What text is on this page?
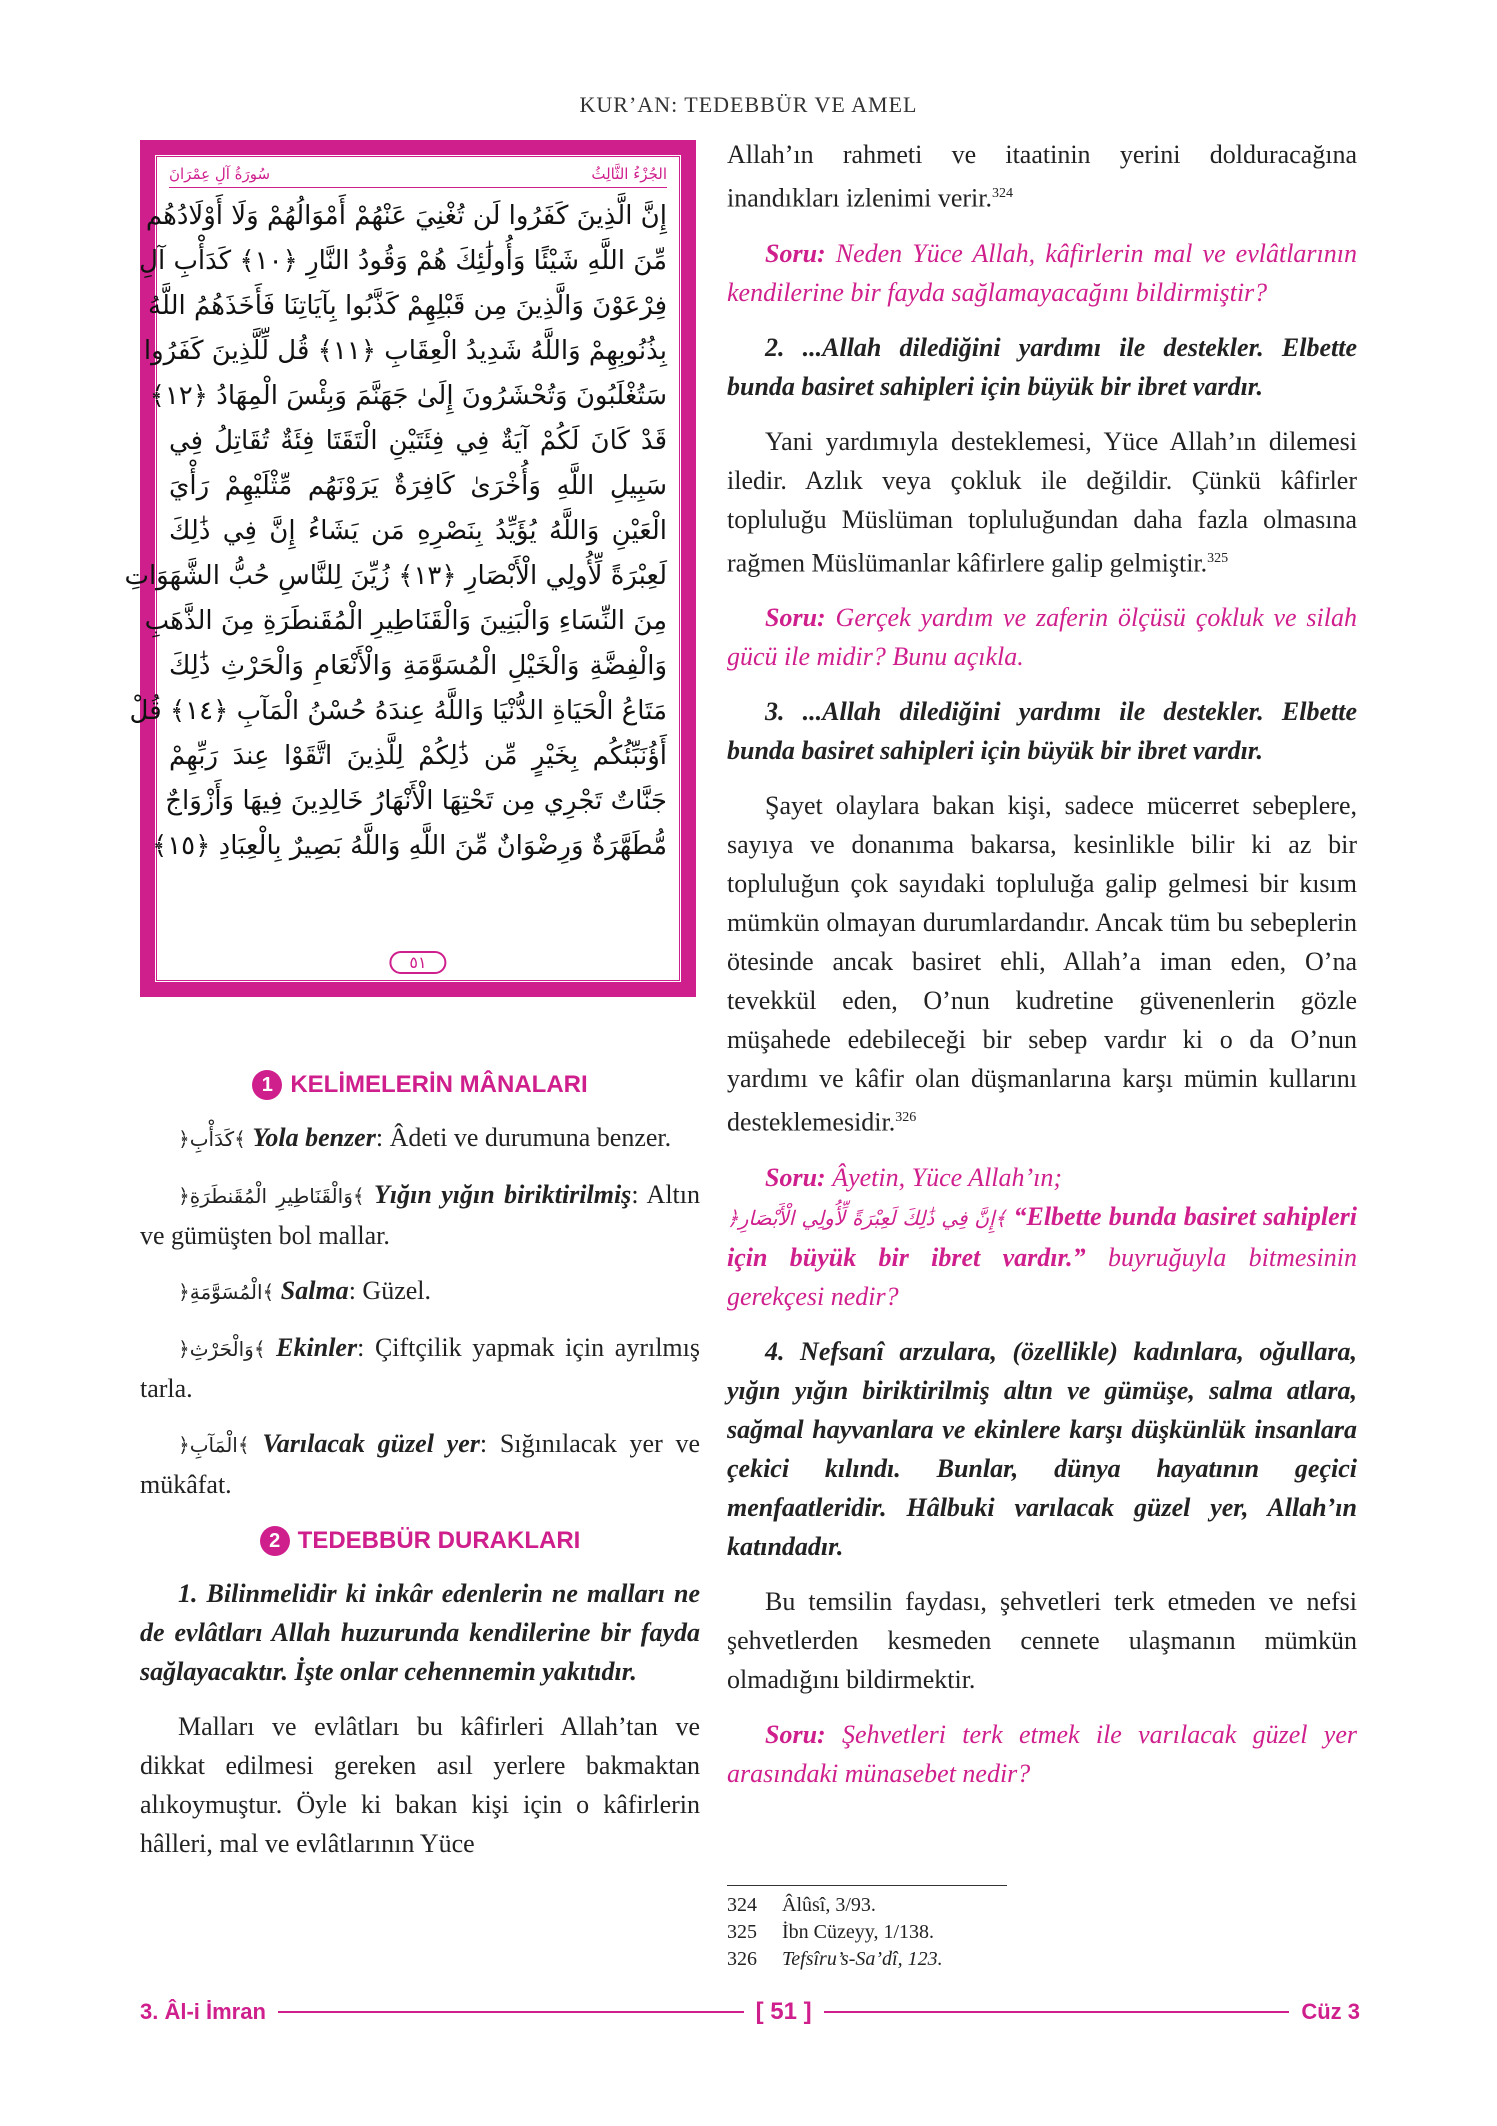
KUR’AN: TEDEBBÜR VE AMEL
الجُزْءُ الثَّالِثُ
سُورَةُ آلِ عِمْرَانَ
إِنَّ الَّذِينَ كَفَرُوا لَن تُغْنِيَ عَنْهُمْ أَمْوَالُهُمْ وَلَا أَوْلَادُهُم
مِّنَ اللَّهِ شَيْئًا وَأُولَٰئِكَ هُمْ وَقُودُ النَّارِ ﴿١٠﴾ كَدَأْبِ آلِ
فِرْعَوْنَ وَالَّذِينَ مِن قَبْلِهِمْ كَذَّبُوا بِآيَاتِنَا فَأَخَذَهُمُ اللَّهُ
بِذُنُوبِهِمْ وَاللَّهُ شَدِيدُ الْعِقَابِ ﴿١١﴾ قُل لِّلَّذِينَ كَفَرُوا
سَتُغْلَبُونَ وَتُحْشَرُونَ إِلَىٰ جَهَنَّمَ وَبِئْسَ الْمِهَادُ ﴿١٢﴾
قَدْ كَانَ لَكُمْ آيَةٌ فِي فِئَتَيْنِ الْتَقَتَا فِئَةٌ تُقَاتِلُ فِي
سَبِيلِ اللَّهِ وَأُخْرَىٰ كَافِرَةٌ يَرَوْنَهُم مِّثْلَيْهِمْ رَأْيَ
الْعَيْنِ وَاللَّهُ يُؤَيِّدُ بِنَصْرِهِ مَن يَشَاءُ إِنَّ فِي ذَٰلِكَ
لَعِبْرَةً لِّأُولِي الْأَبْصَارِ ﴿١٣﴾ زُيِّنَ لِلنَّاسِ حُبُّ الشَّهَوَاتِ
مِنَ النِّسَاءِ وَالْبَنِينَ وَالْقَنَاطِيرِ الْمُقَنطَرَةِ مِنَ الذَّهَبِ
وَالْفِضَّةِ وَالْخَيْلِ الْمُسَوَّمَةِ وَالْأَنْعَامِ وَالْحَرْثِ ذَٰلِكَ
مَتَاعُ الْحَيَاةِ الدُّنْيَا وَاللَّهُ عِندَهُ حُسْنُ الْمَآبِ ﴿١٤﴾ قُلْ
أَؤُنَبِّئُكُم بِخَيْرٍ مِّن ذَٰلِكُمْ لِلَّذِينَ اتَّقَوْا عِندَ رَبِّهِمْ
جَنَّاتٌ تَجْرِي مِن تَحْتِهَا الْأَنْهَارُ خَالِدِينَ فِيهَا وَأَزْوَاجٌ
مُّطَهَّرَةٌ وَرِضْوَانٌ مِّنَ اللَّهِ وَاللَّهُ بَصِيرٌ بِالْعِبَادِ ﴿١٥﴾
٥١
1 KELİMELERİN MÂNALARI

﴿كَدَأْبِ﴾ Yola benzer: Âdeti ve durumuna benzer.

﴿وَالْقَنَاطِيرِ الْمُقَنطَرَةِ﴾ Yığın yığın biriktirilmiş: Altın ve gümüşten bol mallar.

﴿الْمُسَوَّمَةِ﴾ Salma: Güzel.

﴿وَالْحَرْثِ﴾ Ekinler: Çiftçilik yapmak için ayrılmış tarla.

﴿الْمَآبِ﴾ Varılacak güzel yer: Sığınılacak yer ve mükâfat.

2 TEDEBBÜR DURAKLARI

1. Bilinmelidir ki inkâr edenlerin ne malları ne de evlâtları Allah huzurunda kendilerine bir fayda sağlayacaktır. İşte onlar cehennemin yakıtıdır.

Malları ve evlâtları bu kâfirleri Allah’tan ve dikkat edilmesi gereken asıl yerlere bakmaktan alıkoymuştur. Öyle ki bakan kişi için o kâfirlerin hâlleri, mal ve evlâtlarının Yüce

Allah’ın rahmeti ve itaatinin yerini dolduracağına inandıkları izlenimi verir.$^{324}$

Soru: Neden Yüce Allah, kâfirlerin mal ve evlâtlarının kendilerine bir fayda sağlamayacağını bildirmiştir?

2. ...Allah dilediğini yardımı ile destekler. Elbette bunda basiret sahipleri için büyük bir ibret vardır.

Yani yardımıyla desteklemesi, Yüce Allah’ın dilemesi iledir. Azlık veya çokluk ile değildir. Çünkü kâfirler topluluğu Müslüman topluluğundan daha fazla olmasına rağmen Müslümanlar kâfirlere galip gelmiştir.$^{325}$

Soru: Gerçek yardım ve zaferin ölçüsü çokluk ve silah gücü ile midir? Bunu açıkla.

3. ...Allah dilediğini yardımı ile destekler. Elbette bunda basiret sahipleri için büyük bir ibret vardır.

Şayet olaylara bakan kişi, sadece mücerret sebeplere, sayıya ve donanıma bakarsa, kesinlikle bilir ki az bir topluluğun çok sayıdaki topluluğa galip gelmesi bir kısım mümkün olmayan durumlardandır. Ancak tüm bu sebeplerin ötesinde ancak basiret ehli, Allah’a iman eden, O’na tevekkül eden, O’nun kudretine güvenenlerin gözle müşahede edebileceği bir sebep vardır ki o da O’nun yardımı ve kâfir olan düşmanlarına karşı mümin kullarını desteklemesidir.$^{326}$

Soru: Âyetin, Yüce Allah’ın;
﴿إِنَّ فِي ذَٰلِكَ لَعِبْرَةً لِّأُولِي الْأَبْصَارِ﴾ “Elbette bunda basiret sahipleri için büyük bir ibret vardır.” buyruğuyla bitmesinin gerekçesi nedir?

4. Nefsanî arzulara, (özellikle) kadınlara, oğullara, yığın yığın biriktirilmiş altın ve gümüşe, salma atlara, sağmal hayvanlara ve ekinlere karşı düşkünlük insanlara çekici kılındı. Bunlar, dünya hayatının geçici menfaatleridir. Hâlbuki varılacak güzel yer, Allah’ın katındadır.

Bu temsilin faydası, şehvetleri terk etmeden ve nefsi şehvetlerden kesmeden cennete ulaşmanın mümkün olmadığını bildirmektir.

Soru: Şehvetleri terk etmek ile varılacak güzel yer arasındaki münasebet nedir?

324	Âlûsî, 3/93.
325	İbn Cüzeyy, 1/138.
326	Tefsîru’s-Sa’dî, 123.
3. Âl-i İmran	[ 51 ]	Cüz 3
